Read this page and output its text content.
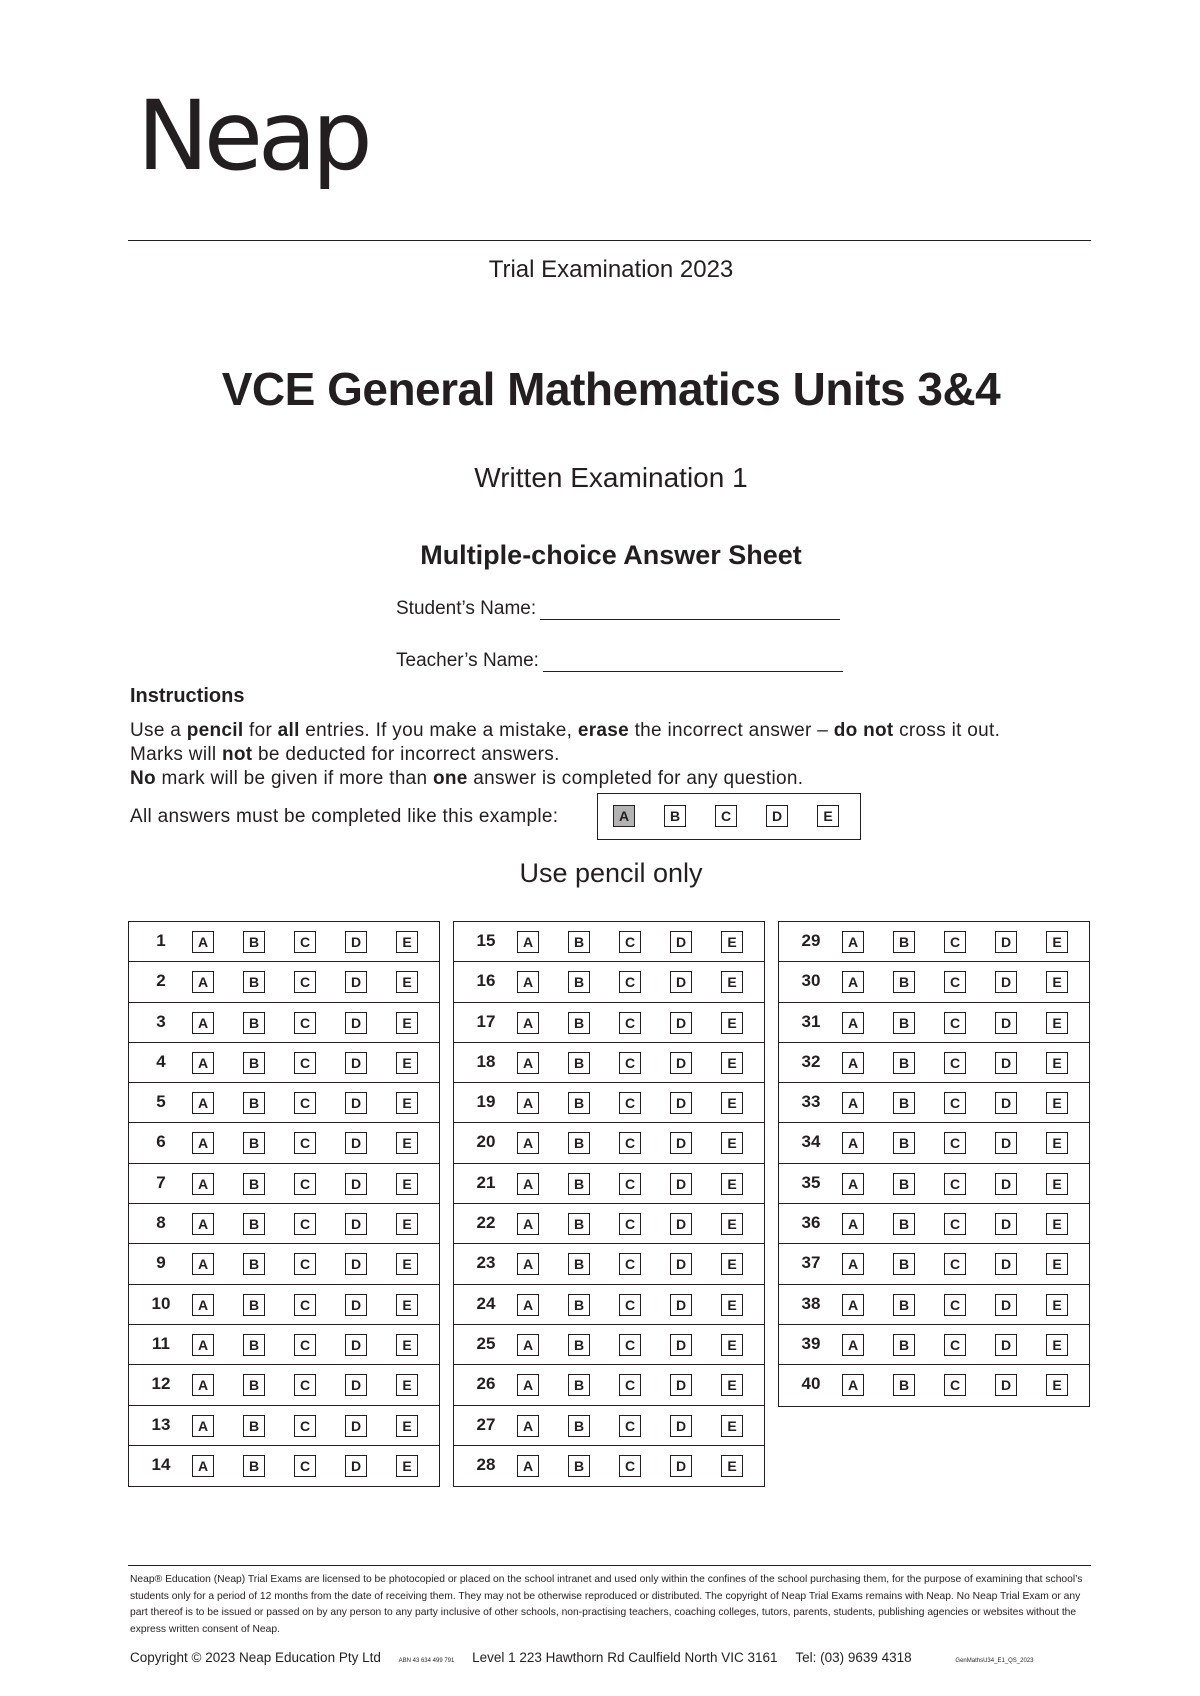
Neap
Trial Examination 2023
VCE General Mathematics Units 3&4
Written Examination 1
Multiple-choice Answer Sheet
Student’s Name:
Teacher’s Name:
Instructions
Use a pencil for all entries. If you make a mistake, erase the incorrect answer – do not cross it out.
Marks will not be deducted for incorrect answers.
No mark will be given if more than one answer is completed for any question.
All answers must be completed like this example:	A	B	C	D	E
Use pencil only
1	A	B	C	D	E
2	A	B	C	D	E
3	A	B	C	D	E
4	A	B	C	D	E
5	A	B	C	D	E
6	A	B	C	D	E
7	A	B	C	D	E
8	A	B	C	D	E
9	A	B	C	D	E
10	A	B	C	D	E
11	A	B	C	D	E
12	A	B	C	D	E
13	A	B	C	D	E
14	A	B	C	D	E
15	A	B	C	D	E
16	A	B	C	D	E
17	A	B	C	D	E
18	A	B	C	D	E
19	A	B	C	D	E
20	A	B	C	D	E
21	A	B	C	D	E
22	A	B	C	D	E
23	A	B	C	D	E
24	A	B	C	D	E
25	A	B	C	D	E
26	A	B	C	D	E
27	A	B	C	D	E
28	A	B	C	D	E
29	A	B	C	D	E
30	A	B	C	D	E
31	A	B	C	D	E
32	A	B	C	D	E
33	A	B	C	D	E
34	A	B	C	D	E
35	A	B	C	D	E
36	A	B	C	D	E
37	A	B	C	D	E
38	A	B	C	D	E
39	A	B	C	D	E
40	A	B	C	D	E
Neap® Education (Neap) Trial Exams are licensed to be photocopied or placed on the school intranet and used only within the confines of the school purchasing them, for the purpose of examining that school’s students only for a period of 12 months from the date of receiving them. They may not be otherwise reproduced or distributed. The copyright of Neap Trial Exams remains with Neap. No Neap Trial Exam or any part thereof is to be issued or passed on by any person to any party inclusive of other schools, non-practising teachers, coaching colleges, tutors, parents, students, publishing agencies or websites without the express written consent of Neap.
Copyright © 2023 Neap Education Pty Ltd	ABN 43 634 499 791 Level 1 223 Hawthorn Rd Caulfield North VIC 3161 Tel: (03) 9639 4318	GenMathsU34_E1_QS_2023
